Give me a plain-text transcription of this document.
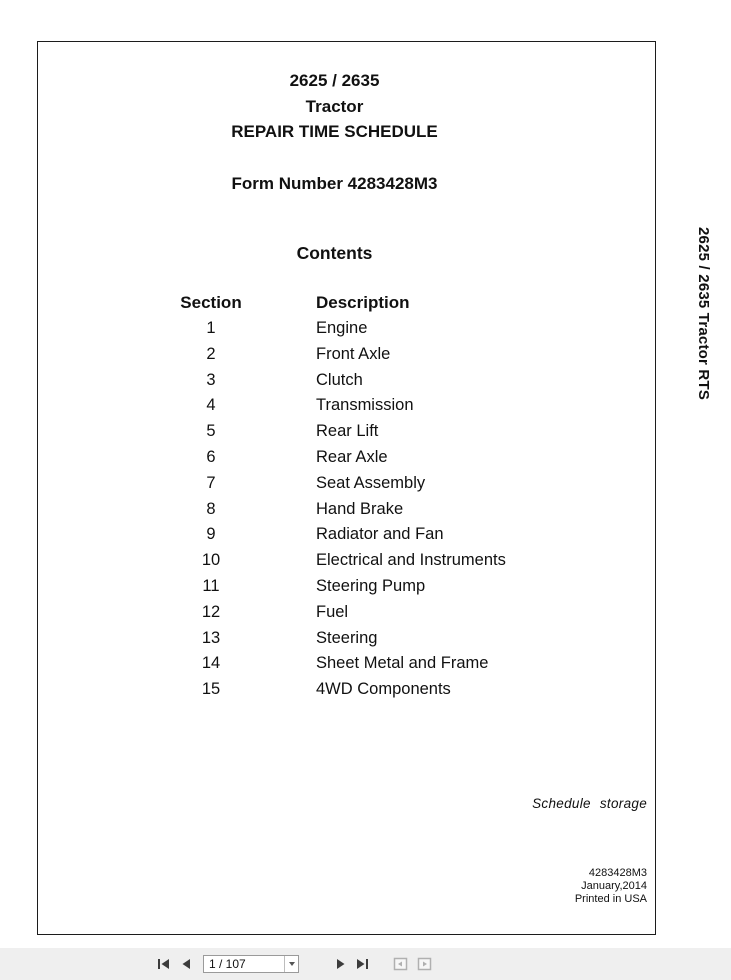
2625 / 2635
Tractor
REPAIR TIME SCHEDULE
Form Number 4283428M3
Contents
Section	Description
1	Engine
2	Front Axle
3	Clutch
4	Transmission
5	Rear Lift
6	Rear Axle
7	Seat Assembly
8	Hand Brake
9	Radiator and Fan
10	Electrical and Instruments
11	Steering Pump
12	Fuel
13	Steering
14	Sheet Metal and Frame
15	4WD Components
Schedule storage
4283428M3
January,2014
Printed in USA
2625 / 2635 Tractor RTS
1 / 107
